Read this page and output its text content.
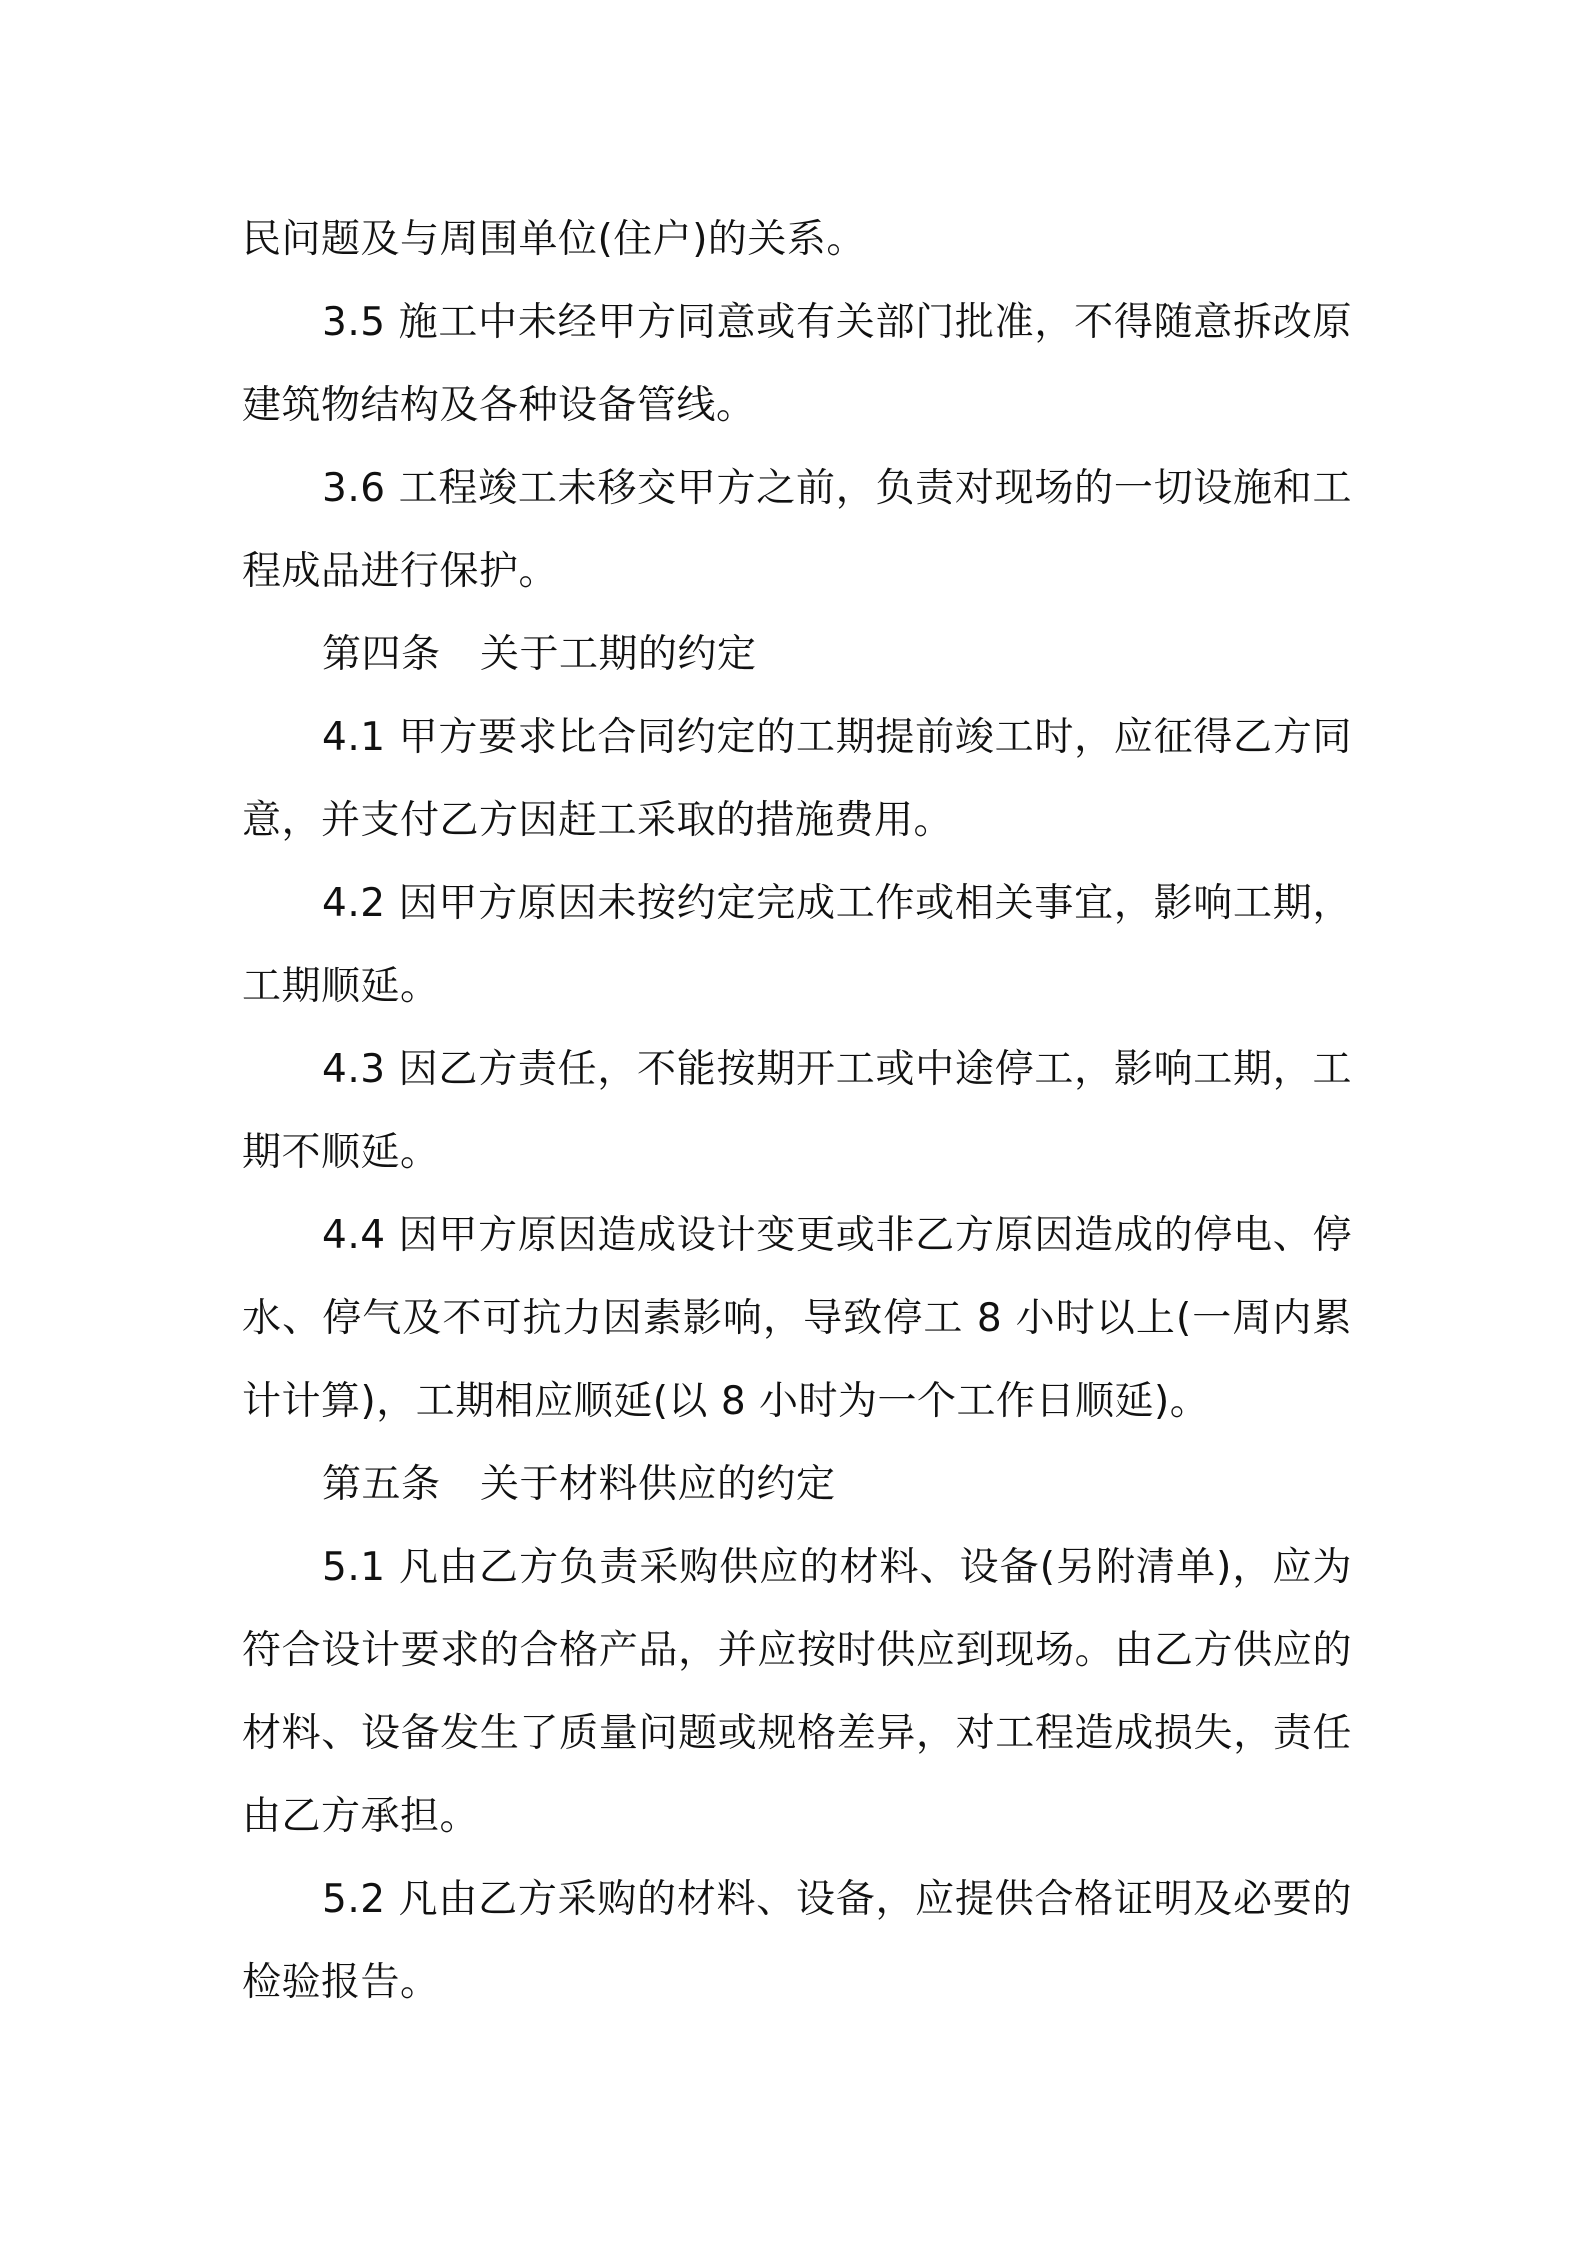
民问题及与周围单位(住户)的关系。

3.5 施工中未经甲方同意或有关部门批准，不得随意拆改原建筑物结构及各种设备管线。

3.6 工程竣工未移交甲方之前，负责对现场的一切设施和工程成品进行保护。

第四条　关于工期的约定

4.1 甲方要求比合同约定的工期提前竣工时，应征得乙方同意，并支付乙方因赶工采取的措施费用。

4.2 因甲方原因未按约定完成工作或相关事宜，影响工期，工期顺延。

4.3 因乙方责任，不能按期开工或中途停工，影响工期，工期不顺延。

4.4 因甲方原因造成设计变更或非乙方原因造成的停电、停水、停气及不可抗力因素影响，导致停工 8 小时以上(一周内累计计算)，工期相应顺延(以 8 小时为一个工作日顺延)。

第五条　关于材料供应的约定

5.1 凡由乙方负责采购供应的材料、设备(另附清单)，应为符合设计要求的合格产品，并应按时供应到现场。由乙方供应的材料、设备发生了质量问题或规格差异，对工程造成损失，责任由乙方承担。

5.2 凡由乙方采购的材料、设备，应提供合格证明及必要的检验报告。
